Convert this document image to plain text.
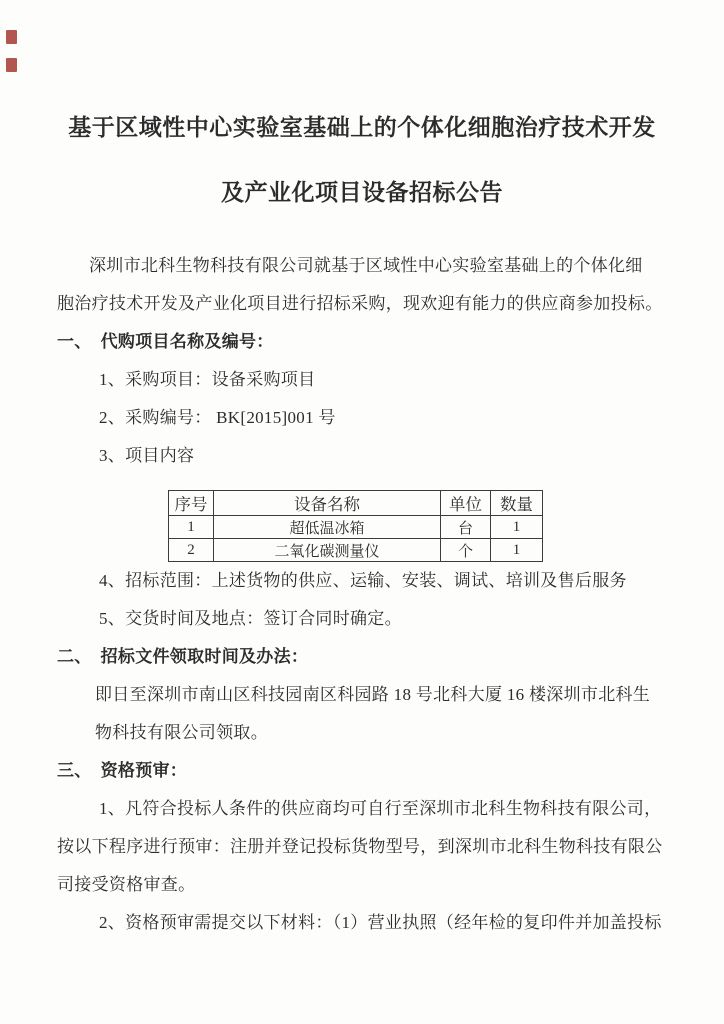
基于区域性中心实验室基础上的个体化细胞治疗技术开发
及产业化项目设备招标公告
深圳市北科生物科技有限公司就基于区域性中心实验室基础上的个体化细
胞治疗技术开发及产业化项目进行招标采购，现欢迎有能力的供应商参加投标。
一、 代购项目名称及编号：
1、采购项目：设备采购项目
2、采购编号： BK[2015]001 号
3、项目内容
序号	设备名称	单位	数量
1	超低温冰箱	台	1
2	二氧化碳测量仪	个	1
4、招标范围：上述货物的供应、运输、安装、调试、培训及售后服务
5、交货时间及地点：签订合同时确定。
二、 招标文件领取时间及办法：
即日至深圳市南山区科技园南区科园路 18 号北科大厦 16 楼深圳市北科生
物科技有限公司领取。
三、 资格预审：
1、凡符合投标人条件的供应商均可自行至深圳市北科生物科技有限公司，
按以下程序进行预审：注册并登记投标货物型号，到深圳市北科生物科技有限公
司接受资格审查。
2、资格预审需提交以下材料：（1）营业执照（经年检的复印件并加盖投标
